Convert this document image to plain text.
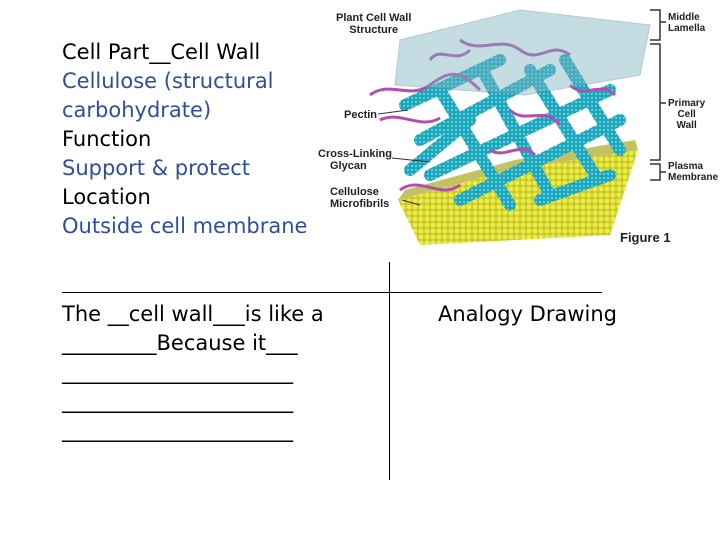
Cell Part__Cell Wall
Cellulose (structural
carbohydrate)
Function
Support & protect
Location
Outside cell membrane
Plant Cell Wall
Structure
Pectin
Cross-Linking
Glycan
Cellulose
Microfibrils
Middle
Lamella
Primary
Cell
Wall
Plasma
Membrane
Figure 1
The __cell wall___is like a
_________Because it___
______________________
______________________
______________________
Analogy Drawing
